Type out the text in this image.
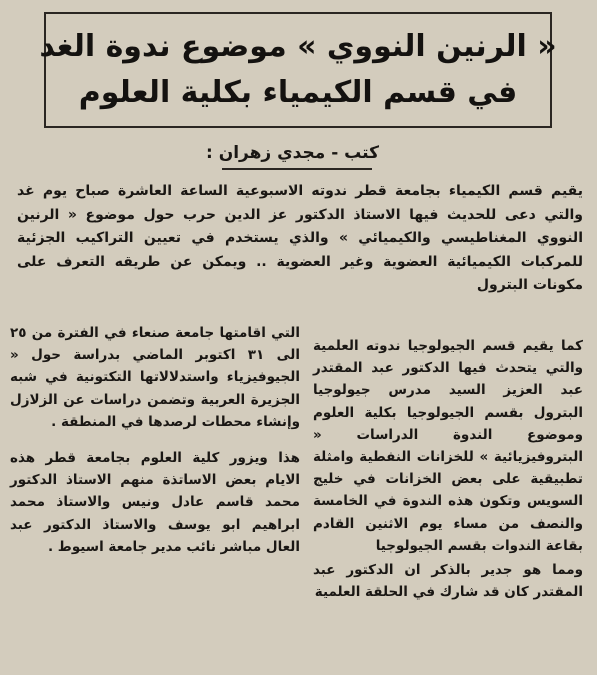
« الرنين النووي » موضوع ندوة الغد
في قسم الكيمياء بكلية العلوم
كتب - مجدي زهران :

يقيم قسم الكيمياء بجامعة قطر ندوته الاسبوعية الساعة العاشرة صباح يوم غد والتي دعى للحديث فيها الاستاذ الدكتور عز الدين حرب حول موضوع « الرنين النووي المغناطيسي والكيميائي » والذي يستخدم في تعيين التراكيب الجزئية للمركبات الكيميائية العضوية وغير العضوية .. ويمكن عن طريقه التعرف على مكونات البترول

كما يقيم قسم الجيولوجيا ندوته العلمية والتي يتحدث فيها الدكتور عبد المقتدر عبد العزيز السيد مدرس جيولوجيا البترول بقسم الجيولوجيا بكلية العلوم وموضوع الندوة الدراسات « البتروفيزيائية » للخزانات النفطية وامثلة تطبيقية على بعض الخزانات في خليج السويس وتكون هذه الندوة في الخامسة والنصف من مساء يوم الاثنين القادم بقاعة الندوات بقسم الجيولوجيا

ومما هو جدير بالذكر ان الدكتور عبد المقتدر كان قد شارك في الحلقة العلمية

التي اقامتها جامعة صنعاء في الفترة من ٢٥ الى ٣١ اكتوبر الماضي بدراسة حول « الجيوفيزياء واستدلالاتها التكتونية في شبه الجزيرة العربية وتضمن دراسات عن الزلازل وإنشاء محطات لرصدها في المنطقة .

هذا ويزور كلية العلوم بجامعة قطر هذه الايام بعض الاساتذة منهم الاستاذ الدكتور محمد قاسم عادل ونيس والاستاذ محمد ابراهيم ابو يوسف والاستاذ الدكتور عبد العال مباشر نائب مدير جامعة اسيوط .
